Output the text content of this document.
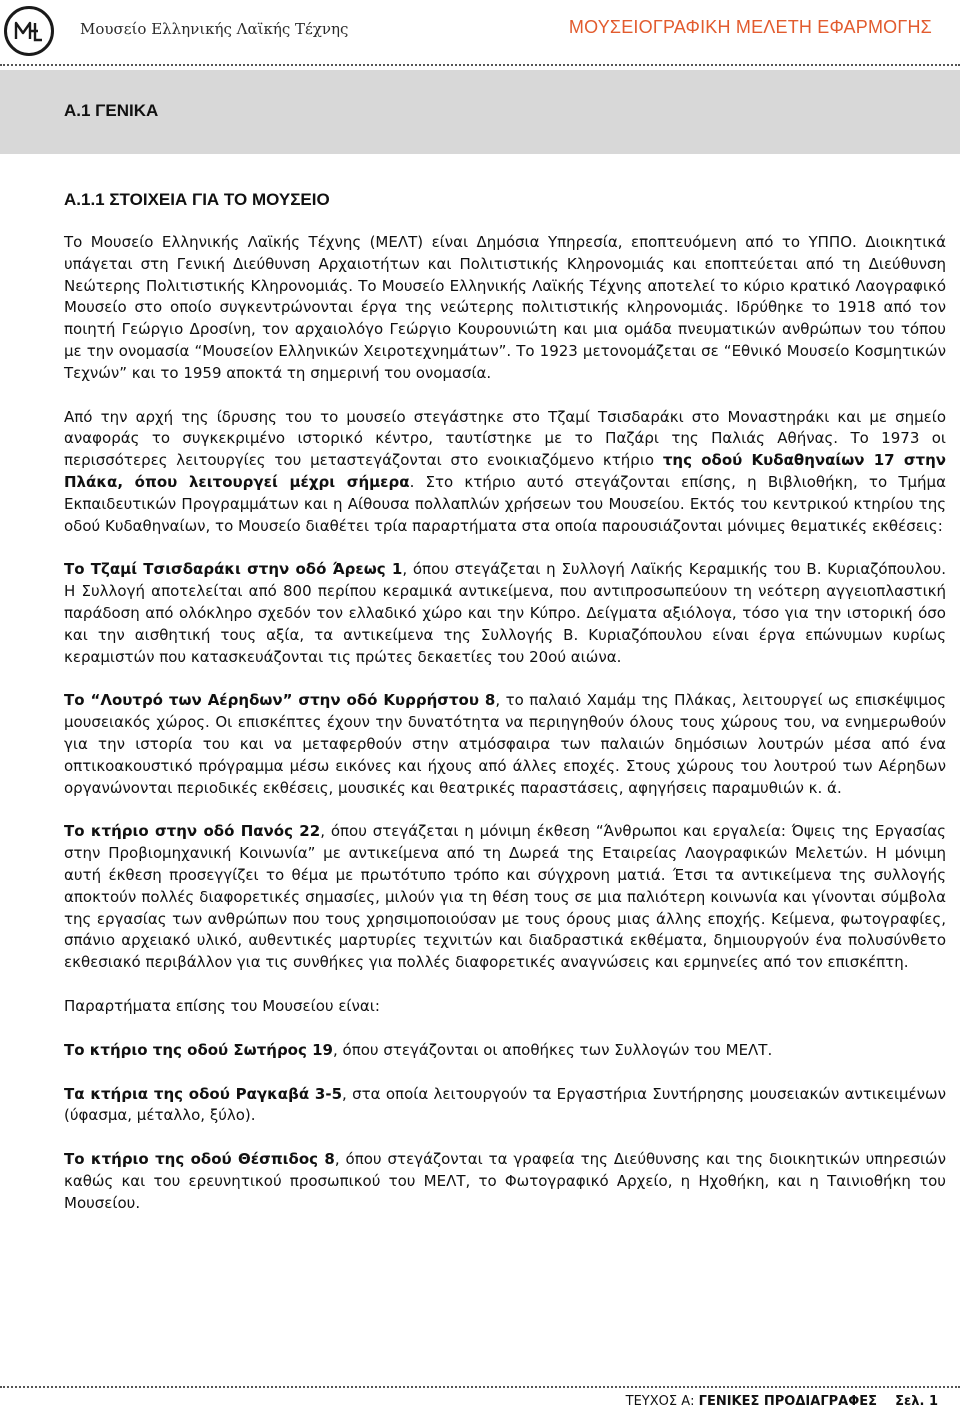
Μουσείο Ελληνικής Λαϊκής Τέχνης	ΜΟΥΣΕΙΟΓΡΑΦΙΚΗ ΜΕΛΕΤΗ ΕΦΑΡΜΟΓΗΣ
Α.1 ΓΕΝΙΚΑ
Α.1.1 ΣΤΟΙΧΕΙΑ ΓΙΑ ΤΟ ΜΟΥΣΕΙΟ

Το Μουσείο Ελληνικής Λαϊκής Τέχνης (ΜΕΛΤ) είναι Δημόσια Υπηρεσία, εποπτευόμενη από το ΥΠΠΟ. Διοικητικά υπάγεται στη Γενική Διεύθυνση Αρχαιοτήτων και Πολιτιστικής Κληρονομιάς και εποπτεύεται από τη Διεύθυνση Νεώτερης Πολιτιστικής Κληρονομιάς. Το Μουσείο Ελληνικής Λαϊκής Τέχνης αποτελεί το κύριο κρατικό Λαογραφικό Μουσείο στο οποίο συγκεντρώνονται έργα της νεώτερης πολιτιστικής κληρονομιάς. Ιδρύθηκε το 1918 από τον ποιητή Γεώργιο Δροσίνη, τον αρχαιολόγο Γεώργιο Κουρουνιώτη και μια ομάδα πνευματικών ανθρώπων του τόπου με την ονομασία “Μουσείον Ελληνικών Χειροτεχνημάτων”. Το 1923 μετονομάζεται σε “Εθνικό Μουσείο Κοσμητικών Τεχνών” και το 1959 αποκτά τη σημερινή του ονομασία.

Από την αρχή της ίδρυσης του το μουσείο στεγάστηκε στο Τζαμί Τσισδαράκι στο Μοναστηράκι και με σημείο αναφοράς το συγκεκριμένο ιστορικό κέντρο, ταυτίστηκε με το Παζάρι της Παλιάς Αθήνας. Το 1973 οι περισσότερες λειτουργίες του μεταστεγάζονται στο ενοικιαζόμενο κτήριο της οδού Κυδαθηναίων 17 στην Πλάκα, όπου λειτουργεί μέχρι σήμερα. Στο κτήριο αυτό στεγάζονται επίσης, η Βιβλιοθήκη, το Τμήμα Εκπαιδευτικών Προγραμμάτων και η Αίθουσα πολλαπλών χρήσεων του Μουσείου. Εκτός του κεντρικού κτηρίου της οδού Κυδαθηναίων, το Μουσείο διαθέτει τρία παραρτήματα στα οποία παρουσιάζονται μόνιμες θεματικές εκθέσεις:

Το Τζαμί Τσισδαράκι στην οδό Άρεως 1, όπου στεγάζεται η Συλλογή Λαϊκής Κεραμικής του Β. Κυριαζόπουλου. Η Συλλογή αποτελείται από 800 περίπου κεραμικά αντικείμενα, που αντιπροσωπεύουν τη νεότερη αγγειοπλαστική παράδοση από ολόκληρο σχεδόν τον ελλαδικό χώρο και την Κύπρο. Δείγματα αξιόλογα, τόσο για την ιστορική όσο και την αισθητική τους αξία, τα αντικείμενα της Συλλογής Β. Κυριαζόπουλου είναι έργα επώνυμων κυρίως κεραμιστών που κατασκευάζονται τις πρώτες δεκαετίες του 20ού αιώνα.

Το “Λουτρό των Αέρηδων” στην οδό Κυρρήστου 8, το παλαιό Χαμάμ της Πλάκας, λειτουργεί ως επισκέψιμος μουσειακός χώρος. Οι επισκέπτες έχουν την δυνατότητα να περιηγηθούν όλους τους χώρους του, να ενημερωθούν για την ιστορία του και να μεταφερθούν στην ατμόσφαιρα των παλαιών δημόσιων λουτρών μέσα από ένα οπτικοακουστικό πρόγραμμα μέσω εικόνες και ήχους από άλλες εποχές. Στους χώρους του λουτρού των Αέρηδων οργανώνονται περιοδικές εκθέσεις, μουσικές και θεατρικές παραστάσεις, αφηγήσεις παραμυθιών κ. ά.

Το κτήριο στην οδό Πανός 22, όπου στεγάζεται η μόνιμη έκθεση “Άνθρωποι και εργαλεία: Όψεις της Εργασίας στην Προβιομηχανική Κοινωνία” με αντικείμενα από τη Δωρεά της Εταιρείας Λαογραφικών Μελετών. Η μόνιμη αυτή έκθεση προσεγγίζει το θέμα με πρωτότυπο τρόπο και σύγχρονη ματιά. Έτσι τα αντικείμενα της συλλογής αποκτούν πολλές διαφορετικές σημασίες, μιλούν για τη θέση τους σε μια παλιότερη κοινωνία και γίνονται σύμβολα της εργασίας των ανθρώπων που τους χρησιμοποιούσαν με τους όρους μιας άλλης εποχής. Κείμενα, φωτογραφίες, σπάνιο αρχειακό υλικό, αυθεντικές μαρτυρίες τεχνιτών και διαδραστικά εκθέματα, δημιουργούν ένα πολυσύνθετο εκθεσιακό περιβάλλον για τις συνθήκες για πολλές διαφορετικές αναγνώσεις και ερμηνείες από τον επισκέπτη.

Παραρτήματα επίσης του Μουσείου είναι:

Το κτήριο της οδού Σωτήρος 19, όπου στεγάζονται οι αποθήκες των Συλλογών του ΜΕΛΤ.

Τα κτήρια της οδού Ραγκαβά 3-5, στα οποία λειτουργούν τα Εργαστήρια Συντήρησης μουσειακών αντικειμένων (ύφασμα, μέταλλο, ξύλο).

Το κτήριο της οδού Θέσπιδος 8, όπου στεγάζονται τα γραφεία της Διεύθυνσης και της διοικητικών υπηρεσιών καθώς και του ερευνητικού προσωπικού του ΜΕΛΤ, το Φωτογραφικό Αρχείο, η Ηχοθήκη, και η Ταινιοθήκη του Μουσείου.

ΤΕΥΧΟΣ Α: ΓΕΝΙΚΕΣ ΠΡΟΔΙΑΓΡΑΦΕΣ Σελ. 1
